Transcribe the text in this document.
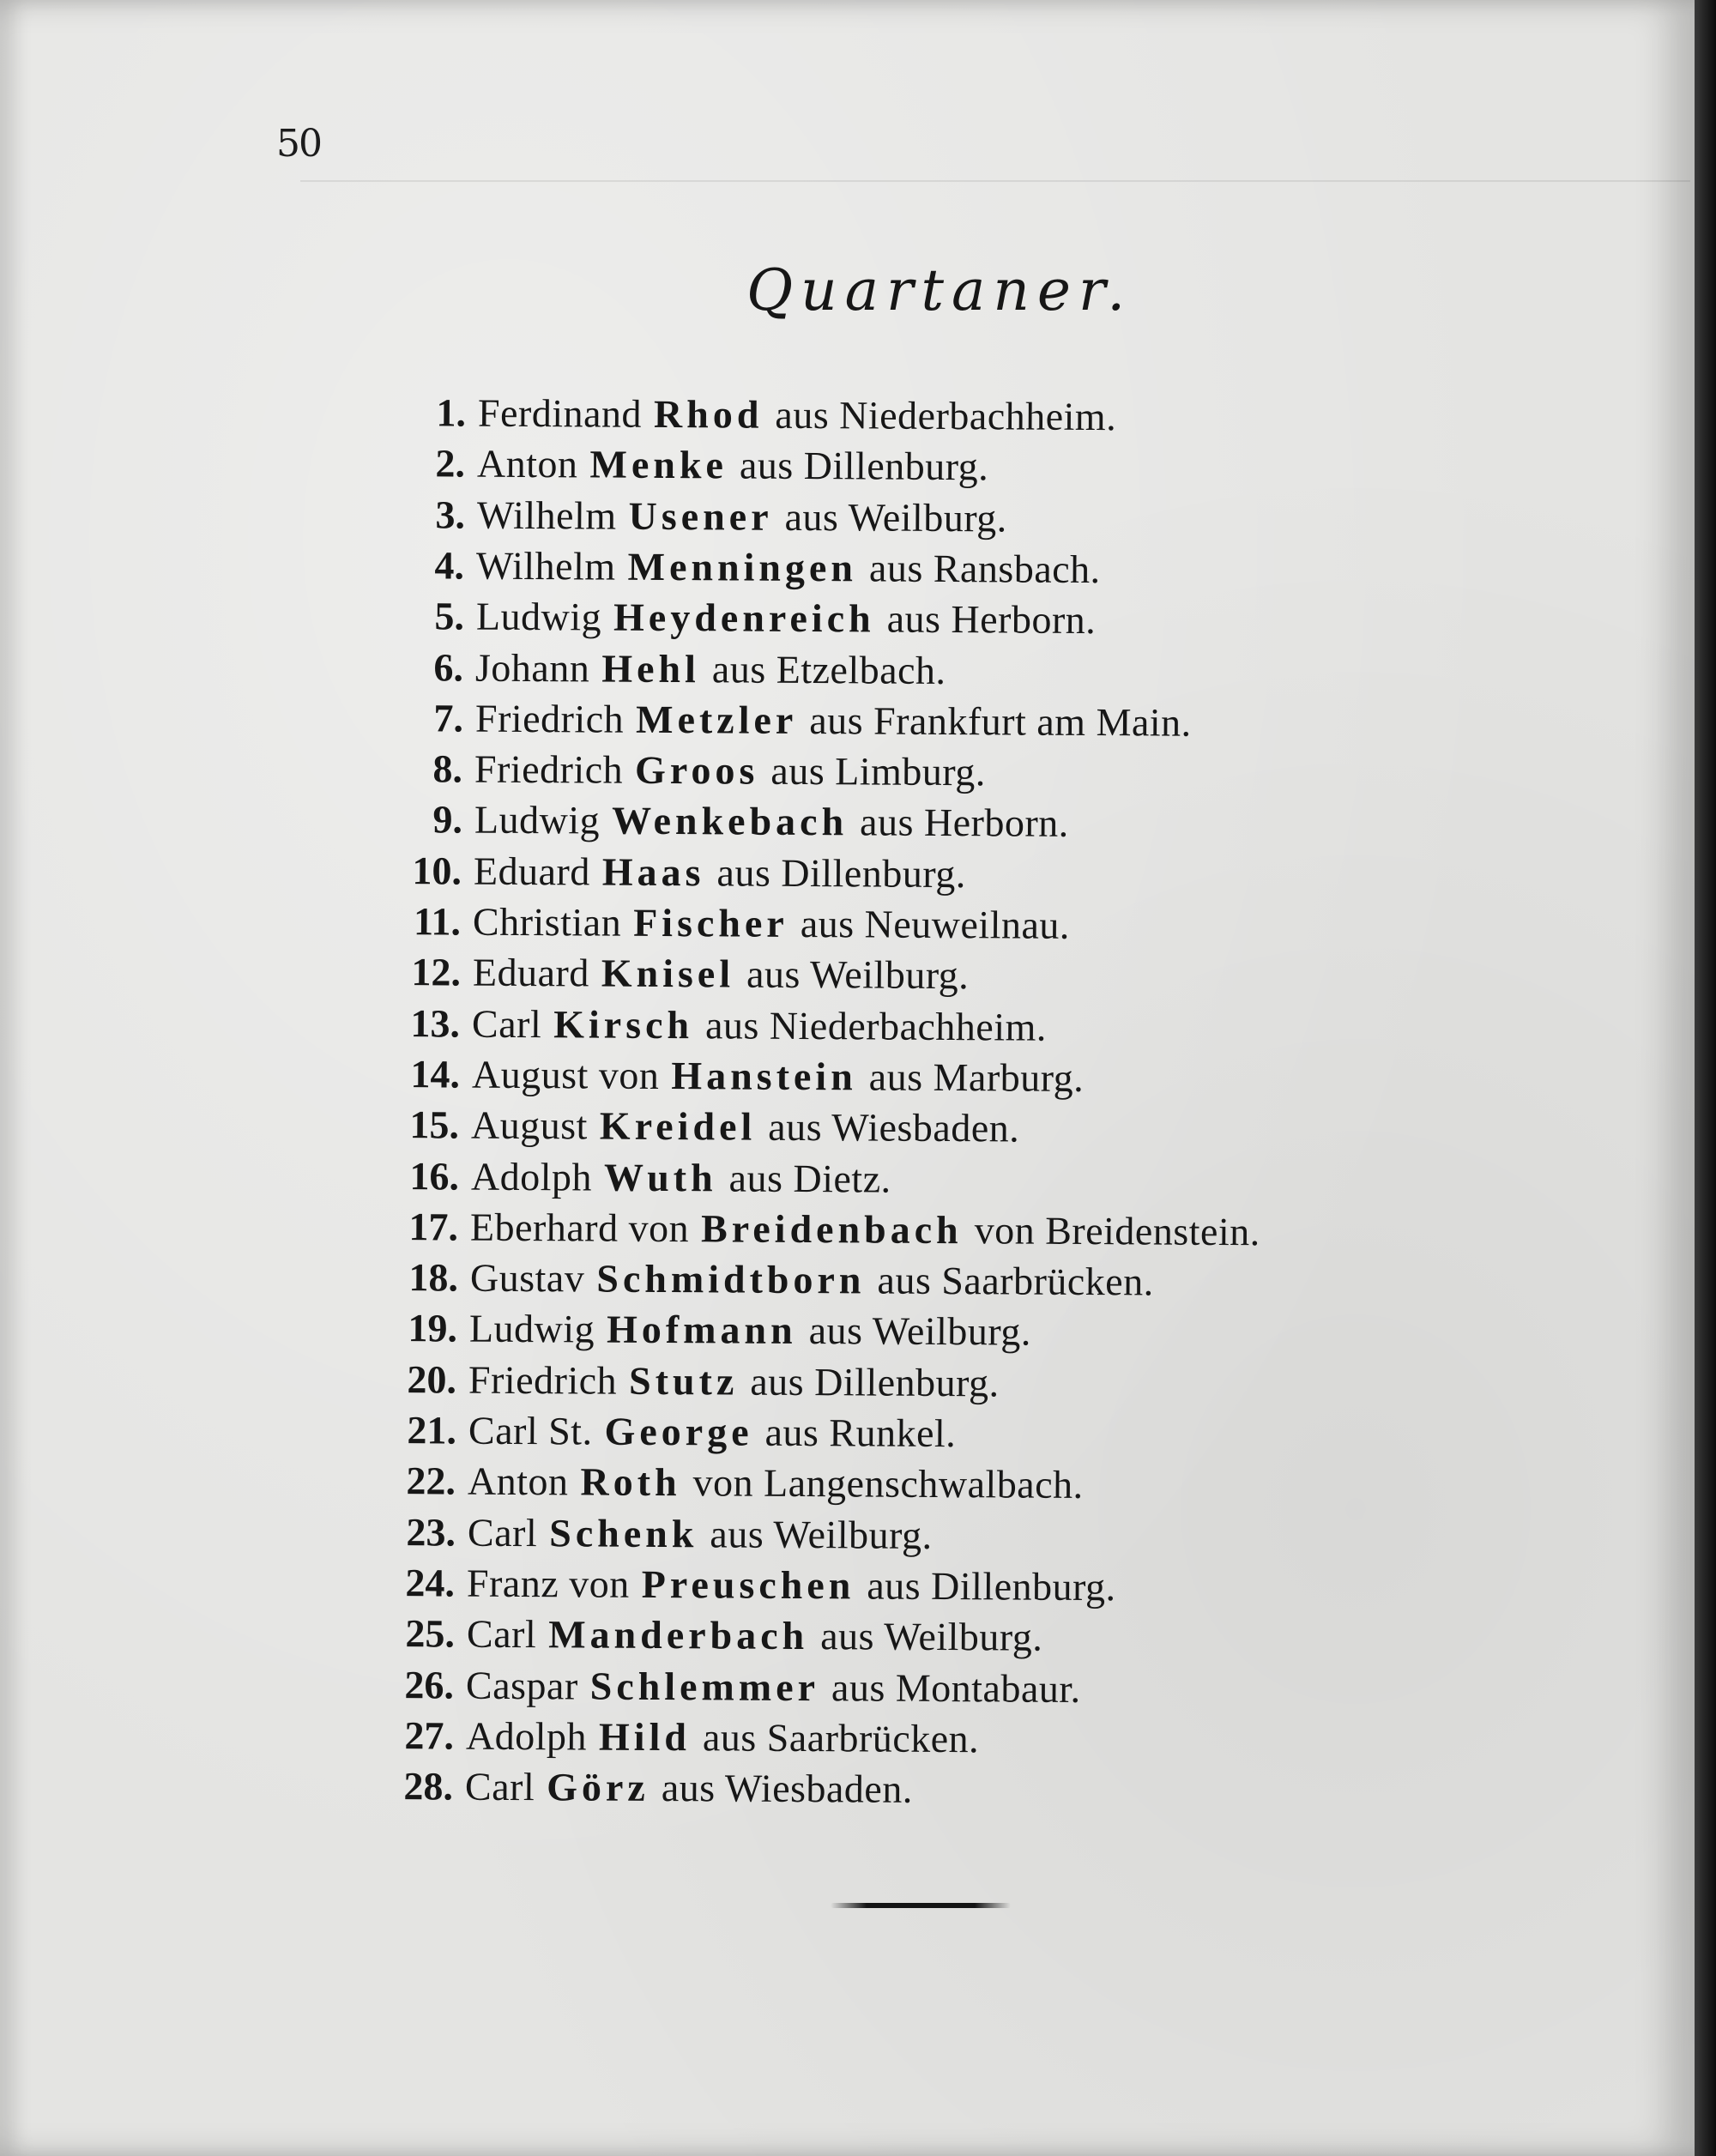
50
Quartaner.
1. Ferdinand Rhod aus Niederbachheim.
2. Anton Menke aus Dillenburg.
3. Wilhelm Usener aus Weilburg.
4. Wilhelm Menningen aus Ransbach.
5. Ludwig Heydenreich aus Herborn.
6. Johann Hehl aus Etzelbach.
7. Friedrich Metzler aus Frankfurt am Main.
8. Friedrich Groos aus Limburg.
9. Ludwig Wenkebach aus Herborn.
10. Eduard Haas aus Dillenburg.
11. Christian Fischer aus Neuweilnau.
12. Eduard Knisel aus Weilburg.
13. Carl Kirsch aus Niederbachheim.
14. August von Hanstein aus Marburg.
15. August Kreidel aus Wiesbaden.
16. Adolph Wuth aus Dietz.
17. Eberhard von Breidenbach von Breidenstein.
18. Gustav Schmidtborn aus Saarbrücken.
19. Ludwig Hofmann aus Weilburg.
20. Friedrich Stutz aus Dillenburg.
21. Carl St. George aus Runkel.
22. Anton Roth von Langenschwalbach.
23. Carl Schenk aus Weilburg.
24. Franz von Preuschen aus Dillenburg.
25. Carl Manderbach aus Weilburg.
26. Caspar Schlemmer aus Montabaur.
27. Adolph Hild aus Saarbrücken.
28. Carl Görz aus Wiesbaden.
